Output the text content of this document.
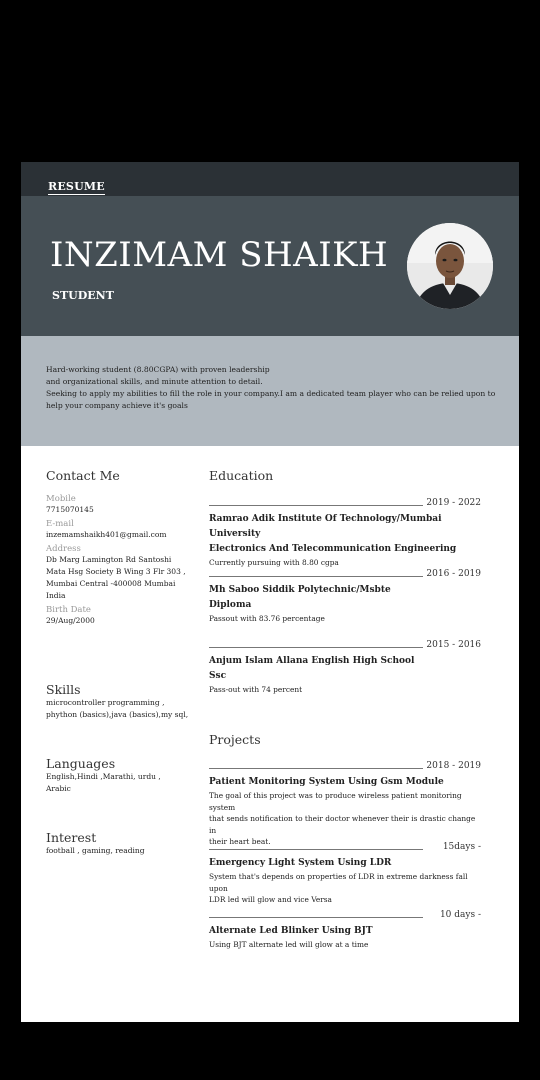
RESUME
INZIMAM SHAIKH
STUDENT
Hard-working student (8.80CGPA) with proven leadership
and organizational skills, and minute attention to detail.
Seeking to apply my abilities to fill the role in your company.I am a dedicated team player who can be relied upon to
help your company achieve it's goals
Contact Me
Mobile
7715070145
E-mail
inzemamshaikh401@gmail.com
Address
Db Marg Lamington Rd Santoshi
Mata Hsg Society B Wing 3 Flr 303 ,
Mumbai Central -400008 Mumbai
India
Birth Date
29/Aug/2000
Skills
microcontroller programming ,
phython (basics),java (basics),my sql,
Languages
English,Hindi ,Marathi, urdu ,
Arabic
Interest
football , gaming, reading
Education
2019 - 2022
Ramrao Adik Institute Of Technology/Mumbai University
Electronics And Telecommunication Engineering
Currently pursuing with 8.80 cgpa
2016 - 2019
Mh Saboo Siddik Polytechnic/Msbte
Diploma
Passout with 83.76 percentage
2015 - 2016
Anjum Islam Allana English High School
Ssc
Pass-out with 74 percent
Projects
2018 - 2019
Patient Monitoring System Using Gsm Module
The goal of this project was to produce wireless patient monitoring system
that sends notification to their doctor whenever their is drastic change in
their heart beat.
15days -
Emergency Light System Using LDR
System that's depends on properties of LDR in extreme darkness fall upon
LDR led will glow and vice Versa
10 days -
Alternate Led Blinker Using BJT
Using BJT alternate led will glow at a time
